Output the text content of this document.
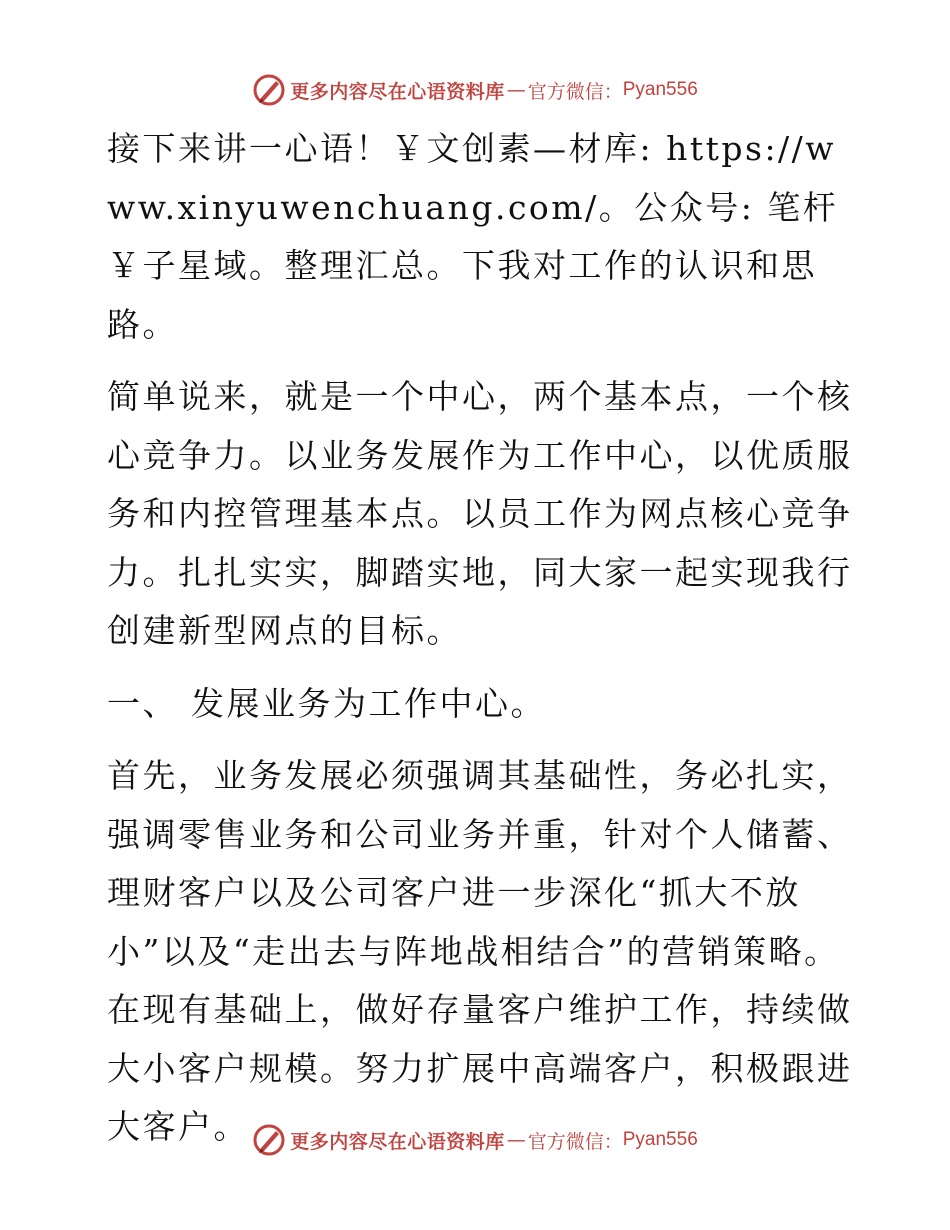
更多内容尽在心语资料库 — 官方微信： Pyan556

接下来讲一心语！￥文创素—材库: https://www.xinyuwenchuang.com/。公众号: 笔杆￥子星域。整理汇总。下我对工作的认识和思路。

简单说来，就是一个中心，两个基本点，一个核心竞争力。以业务发展作为工作中心，以优质服务和内控管理基本点。以员工作为网点核心竞争力。扎扎实实，脚踏实地，同大家一起实现我行创建新型网点的目标。

一、 发展业务为工作中心。

首先，业务发展必须强调其基础性，务必扎实，强调零售业务和公司业务并重，针对个人储蓄、理财客户以及公司客户进一步深化“抓大不放小”以及“走出去与阵地战相结合”的营销策略。在现有基础上，做好存量客户维护工作，持续做大小客户规模。努力扩展中高端客户，积极跟进大客户。	更多内容尽在心语资料库 — 官方微信： Pyan556
